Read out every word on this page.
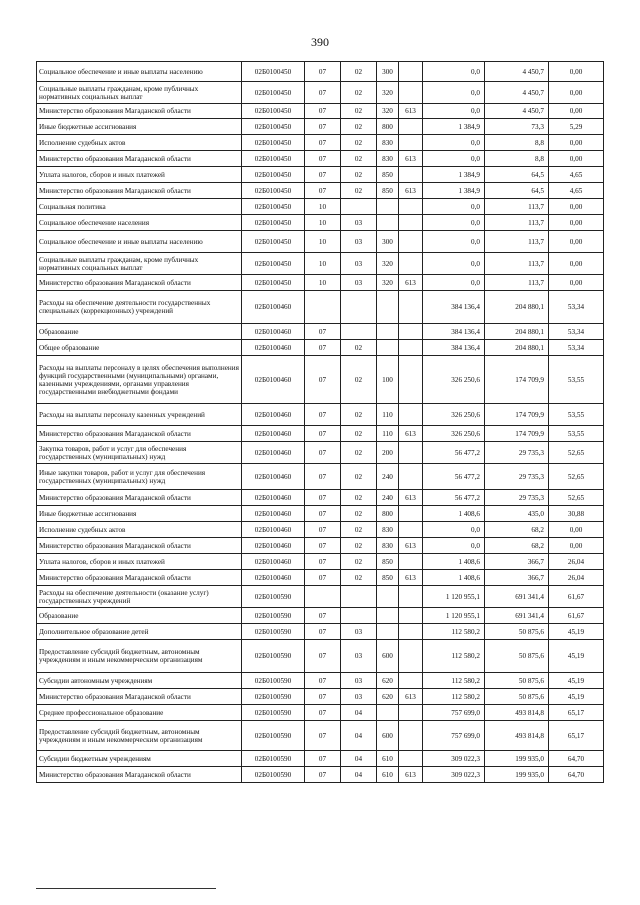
390
Социальное обеспечение и иные выплаты населению	02Б0100450	07	02	300		0,0	4 450,7	0,00
Социальные выплаты гражданам, кроме публичных нормативных социальных выплат	02Б0100450	07	02	320		0,0	4 450,7	0,00
Министерство образования Магаданской области	02Б0100450	07	02	320	613	0,0	4 450,7	0,00
Иные бюджетные ассигнования	02Б0100450	07	02	800		1 384,9	73,3	5,29
Исполнение судебных актов	02Б0100450	07	02	830		0,0	8,8	0,00
Министерство образования Магаданской области	02Б0100450	07	02	830	613	0,0	8,8	0,00
Уплата налогов, сборов и иных платежей	02Б0100450	07	02	850		1 384,9	64,5	4,65
Министерство образования Магаданской области	02Б0100450	07	02	850	613	1 384,9	64,5	4,65
Социальная политика	02Б0100450	10				0,0	113,7	0,00
Социальное обеспечение населения	02Б0100450	10	03			0,0	113,7	0,00
Социальное обеспечение и иные выплаты населению	02Б0100450	10	03	300		0,0	113,7	0,00
Социальные выплаты гражданам, кроме публичных нормативных социальных выплат	02Б0100450	10	03	320		0,0	113,7	0,00
Министерство образования Магаданской области	02Б0100450	10	03	320	613	0,0	113,7	0,00
Расходы на обеспечение деятельности государственных специальных (коррекционных) учреждений	02Б0100460					384 136,4	204 880,1	53,34
Образование	02Б0100460	07				384 136,4	204 880,1	53,34
Общее образование	02Б0100460	07	02			384 136,4	204 880,1	53,34
Расходы на выплаты персоналу в целях обеспечения выполнения функций государственными (муниципальными) органами, казенными учреждениями, органами управления государственными внебюджетными фондами	02Б0100460	07	02	100		326 250,6	174 709,9	53,55
Расходы на выплаты персоналу казенных учреждений	02Б0100460	07	02	110		326 250,6	174 709,9	53,55
Министерство образования Магаданской области	02Б0100460	07	02	110	613	326 250,6	174 709,9	53,55
Закупка товаров, работ и услуг для обеспечения государственных (муниципальных) нужд	02Б0100460	07	02	200		56 477,2	29 735,3	52,65
Иные закупки товаров, работ и услуг для обеспечения государственных (муниципальных) нужд	02Б0100460	07	02	240		56 477,2	29 735,3	52,65
Министерство образования Магаданской области	02Б0100460	07	02	240	613	56 477,2	29 735,3	52,65
Иные бюджетные ассигнования	02Б0100460	07	02	800		1 408,6	435,0	30,88
Исполнение судебных актов	02Б0100460	07	02	830		0,0	68,2	0,00
Министерство образования Магаданской области	02Б0100460	07	02	830	613	0,0	68,2	0,00
Уплата налогов, сборов и иных платежей	02Б0100460	07	02	850		1 408,6	366,7	26,04
Министерство образования Магаданской области	02Б0100460	07	02	850	613	1 408,6	366,7	26,04
Расходы на обеспечение деятельности (оказание услуг) государственных учреждений	02Б0100590					1 120 955,1	691 341,4	61,67
Образование	02Б0100590	07				1 120 955,1	691 341,4	61,67
Дополнительное образование детей	02Б0100590	07	03			112 580,2	50 875,6	45,19
Предоставление субсидий бюджетным, автономным учреждениям и иным некоммерческим организациям	02Б0100590	07	03	600		112 580,2	50 875,6	45,19
Субсидии автономным учреждениям	02Б0100590	07	03	620		112 580,2	50 875,6	45,19
Министерство образования Магаданской области	02Б0100590	07	03	620	613	112 580,2	50 875,6	45,19
Среднее профессиональное образование	02Б0100590	07	04			757 699,0	493 814,8	65,17
Предоставление субсидий бюджетным, автономным учреждениям и иным некоммерческим организациям	02Б0100590	07	04	600		757 699,0	493 814,8	65,17
Субсидии бюджетным учреждениям	02Б0100590	07	04	610		309 022,3	199 935,0	64,70
Министерство образования Магаданской области	02Б0100590	07	04	610	613	309 022,3	199 935,0	64,70
